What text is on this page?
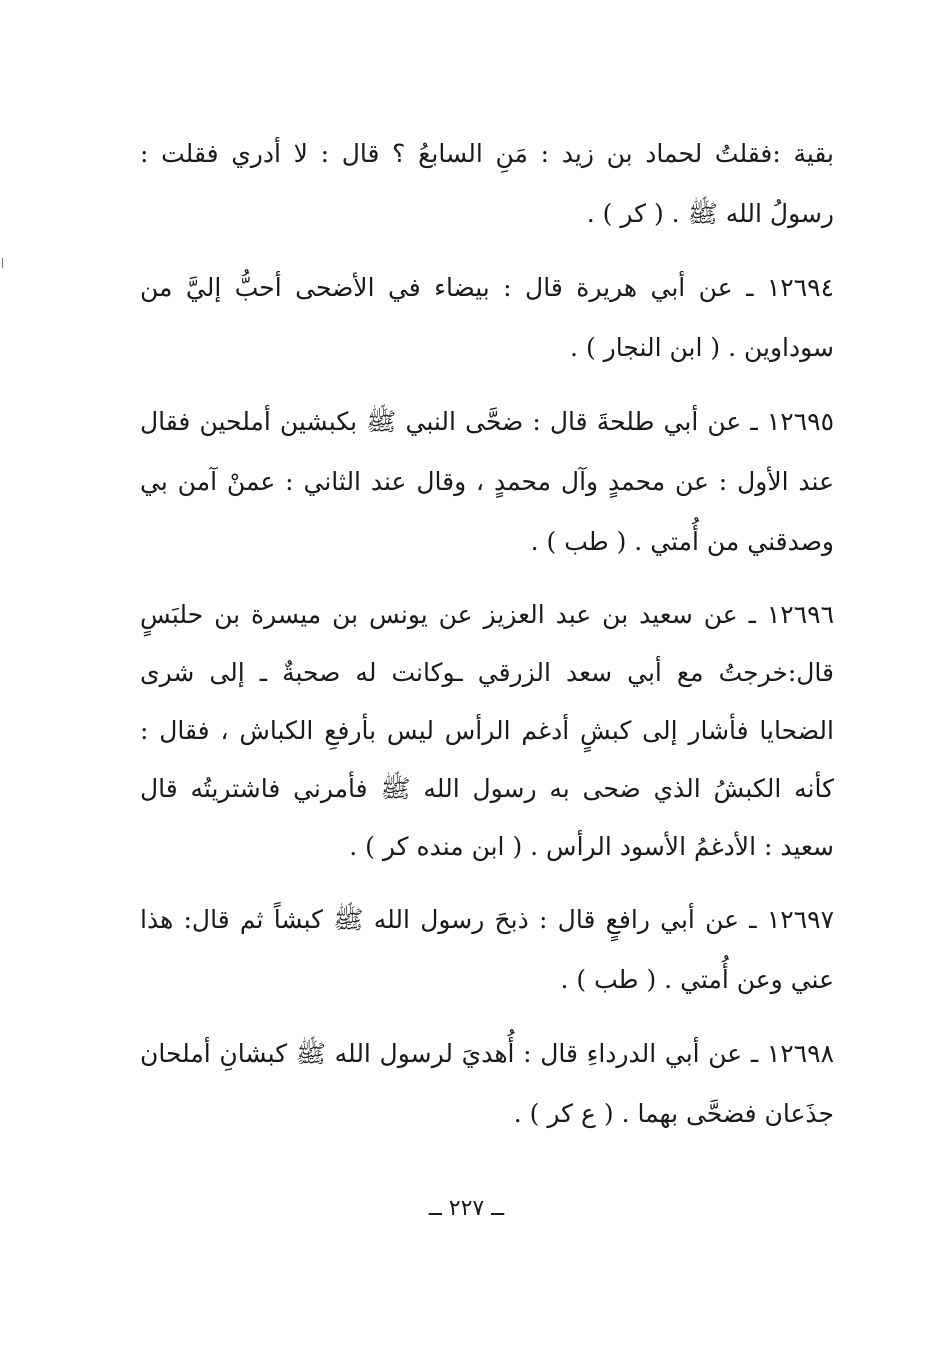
بقية :فقلتُ لحماد بن زيد : مَنِ السابعُ ؟ قال : لا أدري فقلت : رسولُ الله ﷺ . ( كر ) .

١٢٦٩٤ ـ عن أبي هريرة قال : بيضاء في الأضحى أحبُّ إليَّ من سوداوين . ( ابن النجار ) .

١٢٦٩٥ ـ عن أبي طلحةَ قال : ضحَّى النبي ﷺ بكبشين أملحين فقال عند الأول : عن محمدٍ وآل محمدٍ ، وقال عند الثاني : عمنْ آمن بي وصدقني من أُمتي . ( طب ) .

١٢٦٩٦ ـ عن سعيد بن عبد العزيز عن يونس بن ميسرة بن حلبَسٍ قال:خرجتُ مع أبي سعد الزرقي ـوكانت له صحبةٌ ـ إلى شرى الضحايا فأشار إلى كبشٍ أدغم الرأس ليس بأرفعِ الكباش ، فقال : كأنه الكبشُ الذي ضحى به رسول الله ﷺ فأمرني فاشتريتُه قال سعيد : الأدغمُ الأسود الرأس . ( ابن منده كر ) .

١٢٦٩٧ ـ عن أبي رافعٍ قال : ذبحَ رسول الله ﷺ كبشاً ثم قال: هذا عني وعن أُمتي . ( طب ) .

١٢٦٩٨ ـ عن أبي الدرداءِ قال : أُهديَ لرسول الله ﷺ كبشانِ أملحان جذَعان فضحَّى بهما . ( ع كر ) .

ــ ٢٢٧ ــ
